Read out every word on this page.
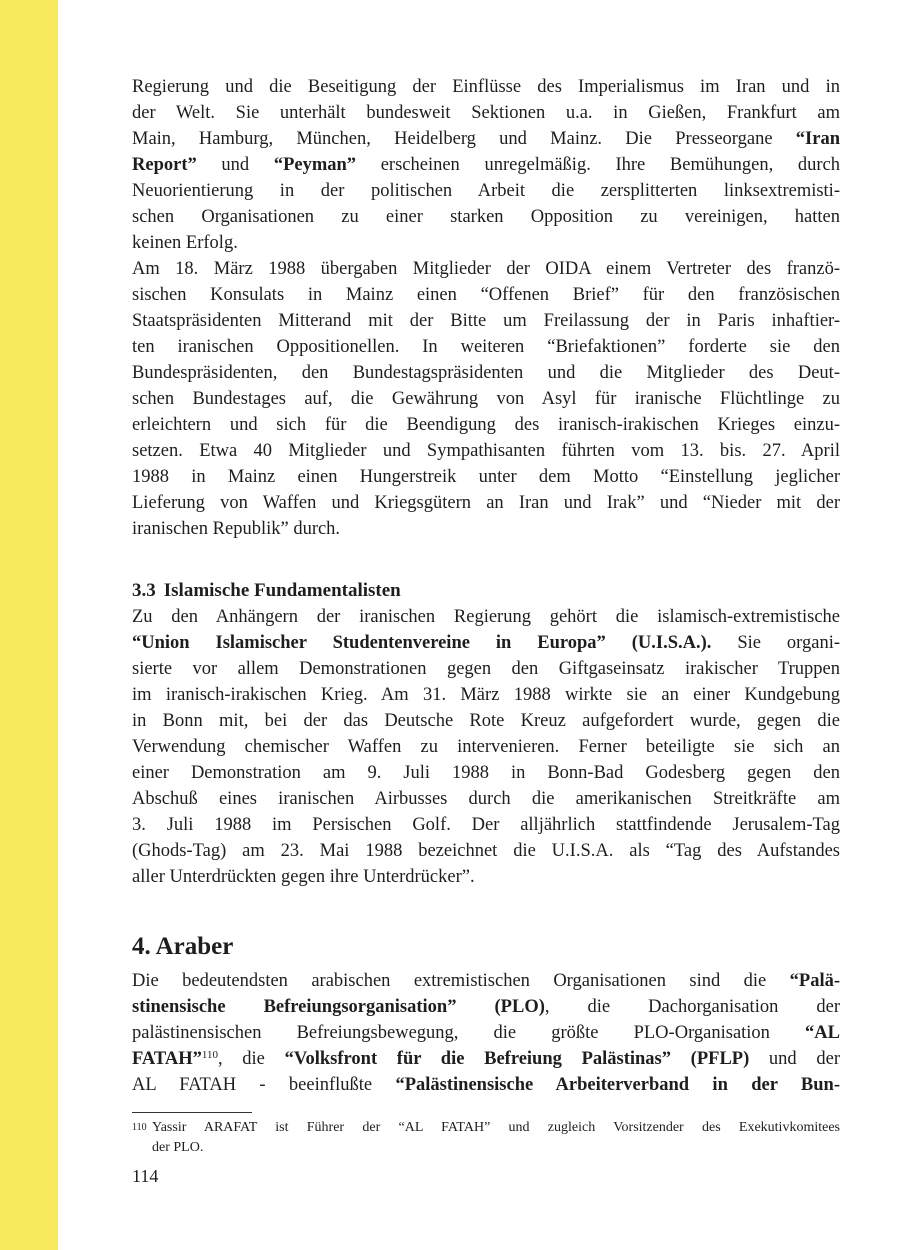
Regierung und die Beseitigung der Einflüsse des Imperialismus im Iran und in
der Welt. Sie unterhält bundesweit Sektionen u.a. in Gießen, Frankfurt am
Main, Hamburg, München, Heidelberg und Mainz. Die Presseorgane “Iran
Report” und “Peyman” erscheinen unregelmäßig. Ihre Bemühungen, durch
Neuorientierung in der politischen Arbeit die zersplitterten linksextremisti-
schen Organisationen zu einer starken Opposition zu vereinigen, hatten
keinen Erfolg.
Am 18. März 1988 übergaben Mitglieder der OIDA einem Vertreter des franzö-
sischen Konsulats in Mainz einen “Offenen Brief” für den französischen
Staatspräsidenten Mitterand mit der Bitte um Freilassung der in Paris inhaftier-
ten iranischen Oppositionellen. In weiteren “Briefaktionen” forderte sie den
Bundespräsidenten, den Bundestagspräsidenten und die Mitglieder des Deut-
schen Bundestages auf, die Gewährung von Asyl für iranische Flüchtlinge zu
erleichtern und sich für die Beendigung des iranisch-irakischen Krieges einzu-
setzen. Etwa 40 Mitglieder und Sympathisanten führten vom 13. bis. 27. April
1988 in Mainz einen Hungerstreik unter dem Motto “Einstellung jeglicher
Lieferung von Waffen und Kriegsgütern an Iran und Irak” und “Nieder mit der
iranischen Republik” durch.
3.3 Islamische Fundamentalisten
Zu den Anhängern der iranischen Regierung gehört die islamisch-extremistische
“Union Islamischer Studentenvereine in Europa” (U.I.S.A.). Sie organi-
sierte vor allem Demonstrationen gegen den Giftgaseinsatz irakischer Truppen
im iranisch-irakischen Krieg. Am 31. März 1988 wirkte sie an einer Kundgebung
in Bonn mit, bei der das Deutsche Rote Kreuz aufgefordert wurde, gegen die
Verwendung chemischer Waffen zu intervenieren. Ferner beteiligte sie sich an
einer Demonstration am 9. Juli 1988 in Bonn-Bad Godesberg gegen den
Abschuß eines iranischen Airbusses durch die amerikanischen Streitkräfte am
3. Juli 1988 im Persischen Golf. Der alljährlich stattfindende Jerusalem-Tag
(Ghods-Tag) am 23. Mai 1988 bezeichnet die U.I.S.A. als “Tag des Aufstandes
aller Unterdrückten gegen ihre Unterdrücker”.
4. Araber
Die bedeutendsten arabischen extremistischen Organisationen sind die “Palä-
stinensische Befreiungsorganisation” (PLO), die Dachorganisation der
palästinensischen Befreiungsbewegung, die größte PLO-Organisation “AL
FATAH”$^{110}$, die “Volksfront für die Befreiung Palästinas” (PFLP) und der
AL FATAH - beeinflußte “Palästinensische Arbeiterverband in der Bun-
110 Yassir ARAFAT ist Führer der “AL FATAH” und zugleich Vorsitzender des Exekutivkomitees
der PLO.
114
